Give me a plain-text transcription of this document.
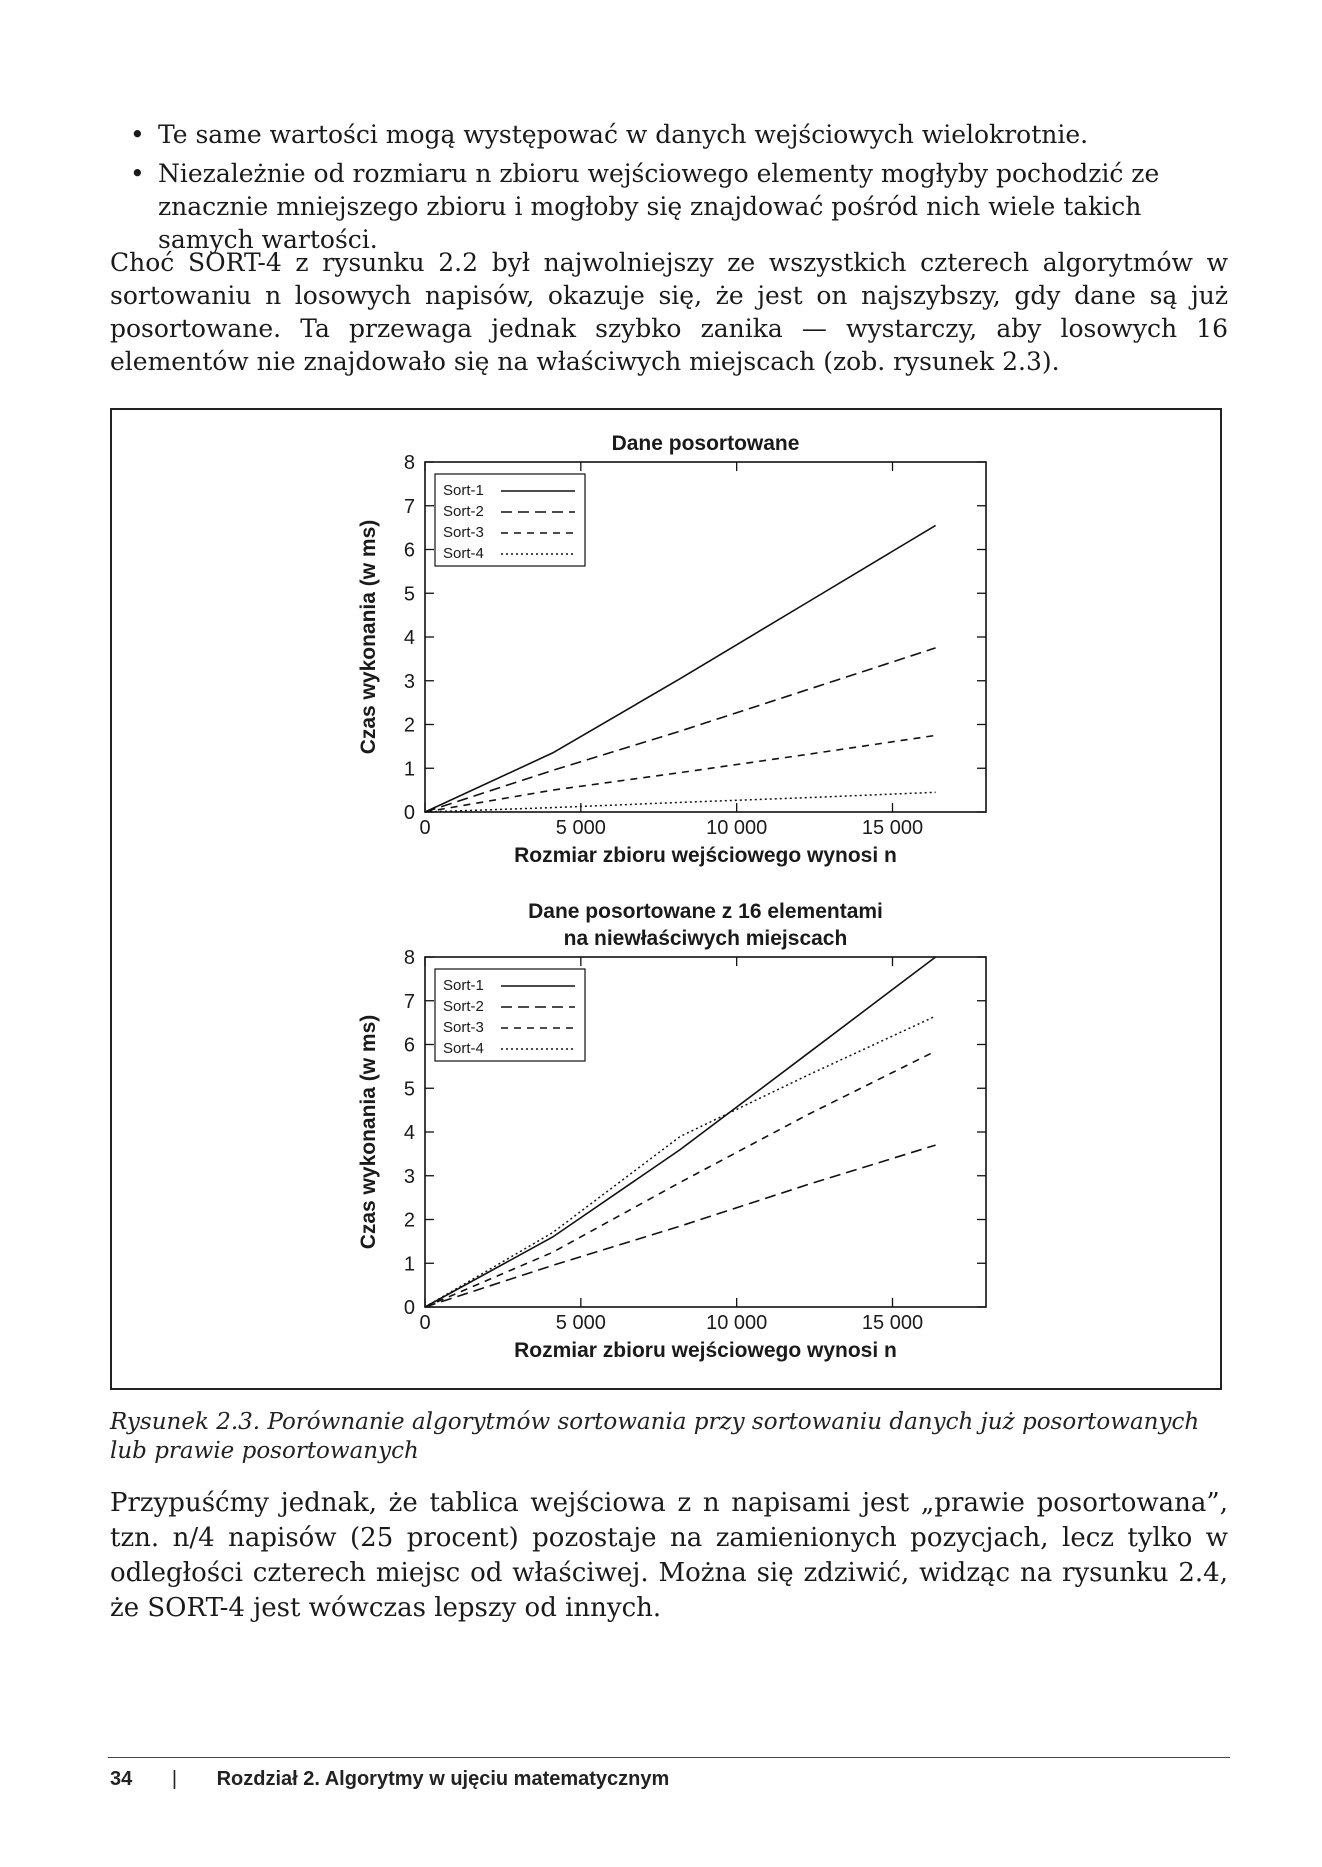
• Te same wartości mogą występować w danych wejściowych wielokrotnie.
• Niezależnie od rozmiaru n zbioru wejściowego elementy mogłyby pochodzić ze znacznie mniejszego zbioru i mogłoby się znajdować pośród nich wiele takich samych wartości.

Choć SORT-4 z rysunku 2.2 był najwolniejszy ze wszystkich czterech algorytmów w sortowaniu n losowych napisów, okazuje się, że jest on najszybszy, gdy dane są już posortowane. Ta przewaga jednak szybko zanika — wystarczy, aby losowych 16 elementów nie znajdowało się na właściwych miejscach (zob. rysunek 2.3).

Dane posortowane
0
1
2
3
4
5
6
7
8
0	5 000	10 000	15 000
Rozmiar zbioru wejściowego wynosi n
Czas wykonania (w ms)
Sort-1
Sort-2
Sort-3
Sort-4
Dane posortowane z 16 elementami
na niewłaściwych miejscach
0
1
2
3
4
5
6
7
8
0	5 000	10 000	15 000
Rozmiar zbioru wejściowego wynosi n
Czas wykonania (w ms)
Sort-1
Sort-2
Sort-3
Sort-4

Rysunek 2.3. Porównanie algorytmów sortowania przy sortowaniu danych już posortowanych lub prawie posortowanych

Przypuśćmy jednak, że tablica wejściowa z n napisami jest „prawie posortowana”, tzn. n/4 napisów (25 procent) pozostaje na zamienionych pozycjach, lecz tylko w odległości czterech miejsc od właściwej. Można się zdziwić, widząc na rysunku 2.4, że SORT-4 jest wówczas lepszy od innych.

34 | Rozdział 2. Algorytmy w ujęciu matematycznym
